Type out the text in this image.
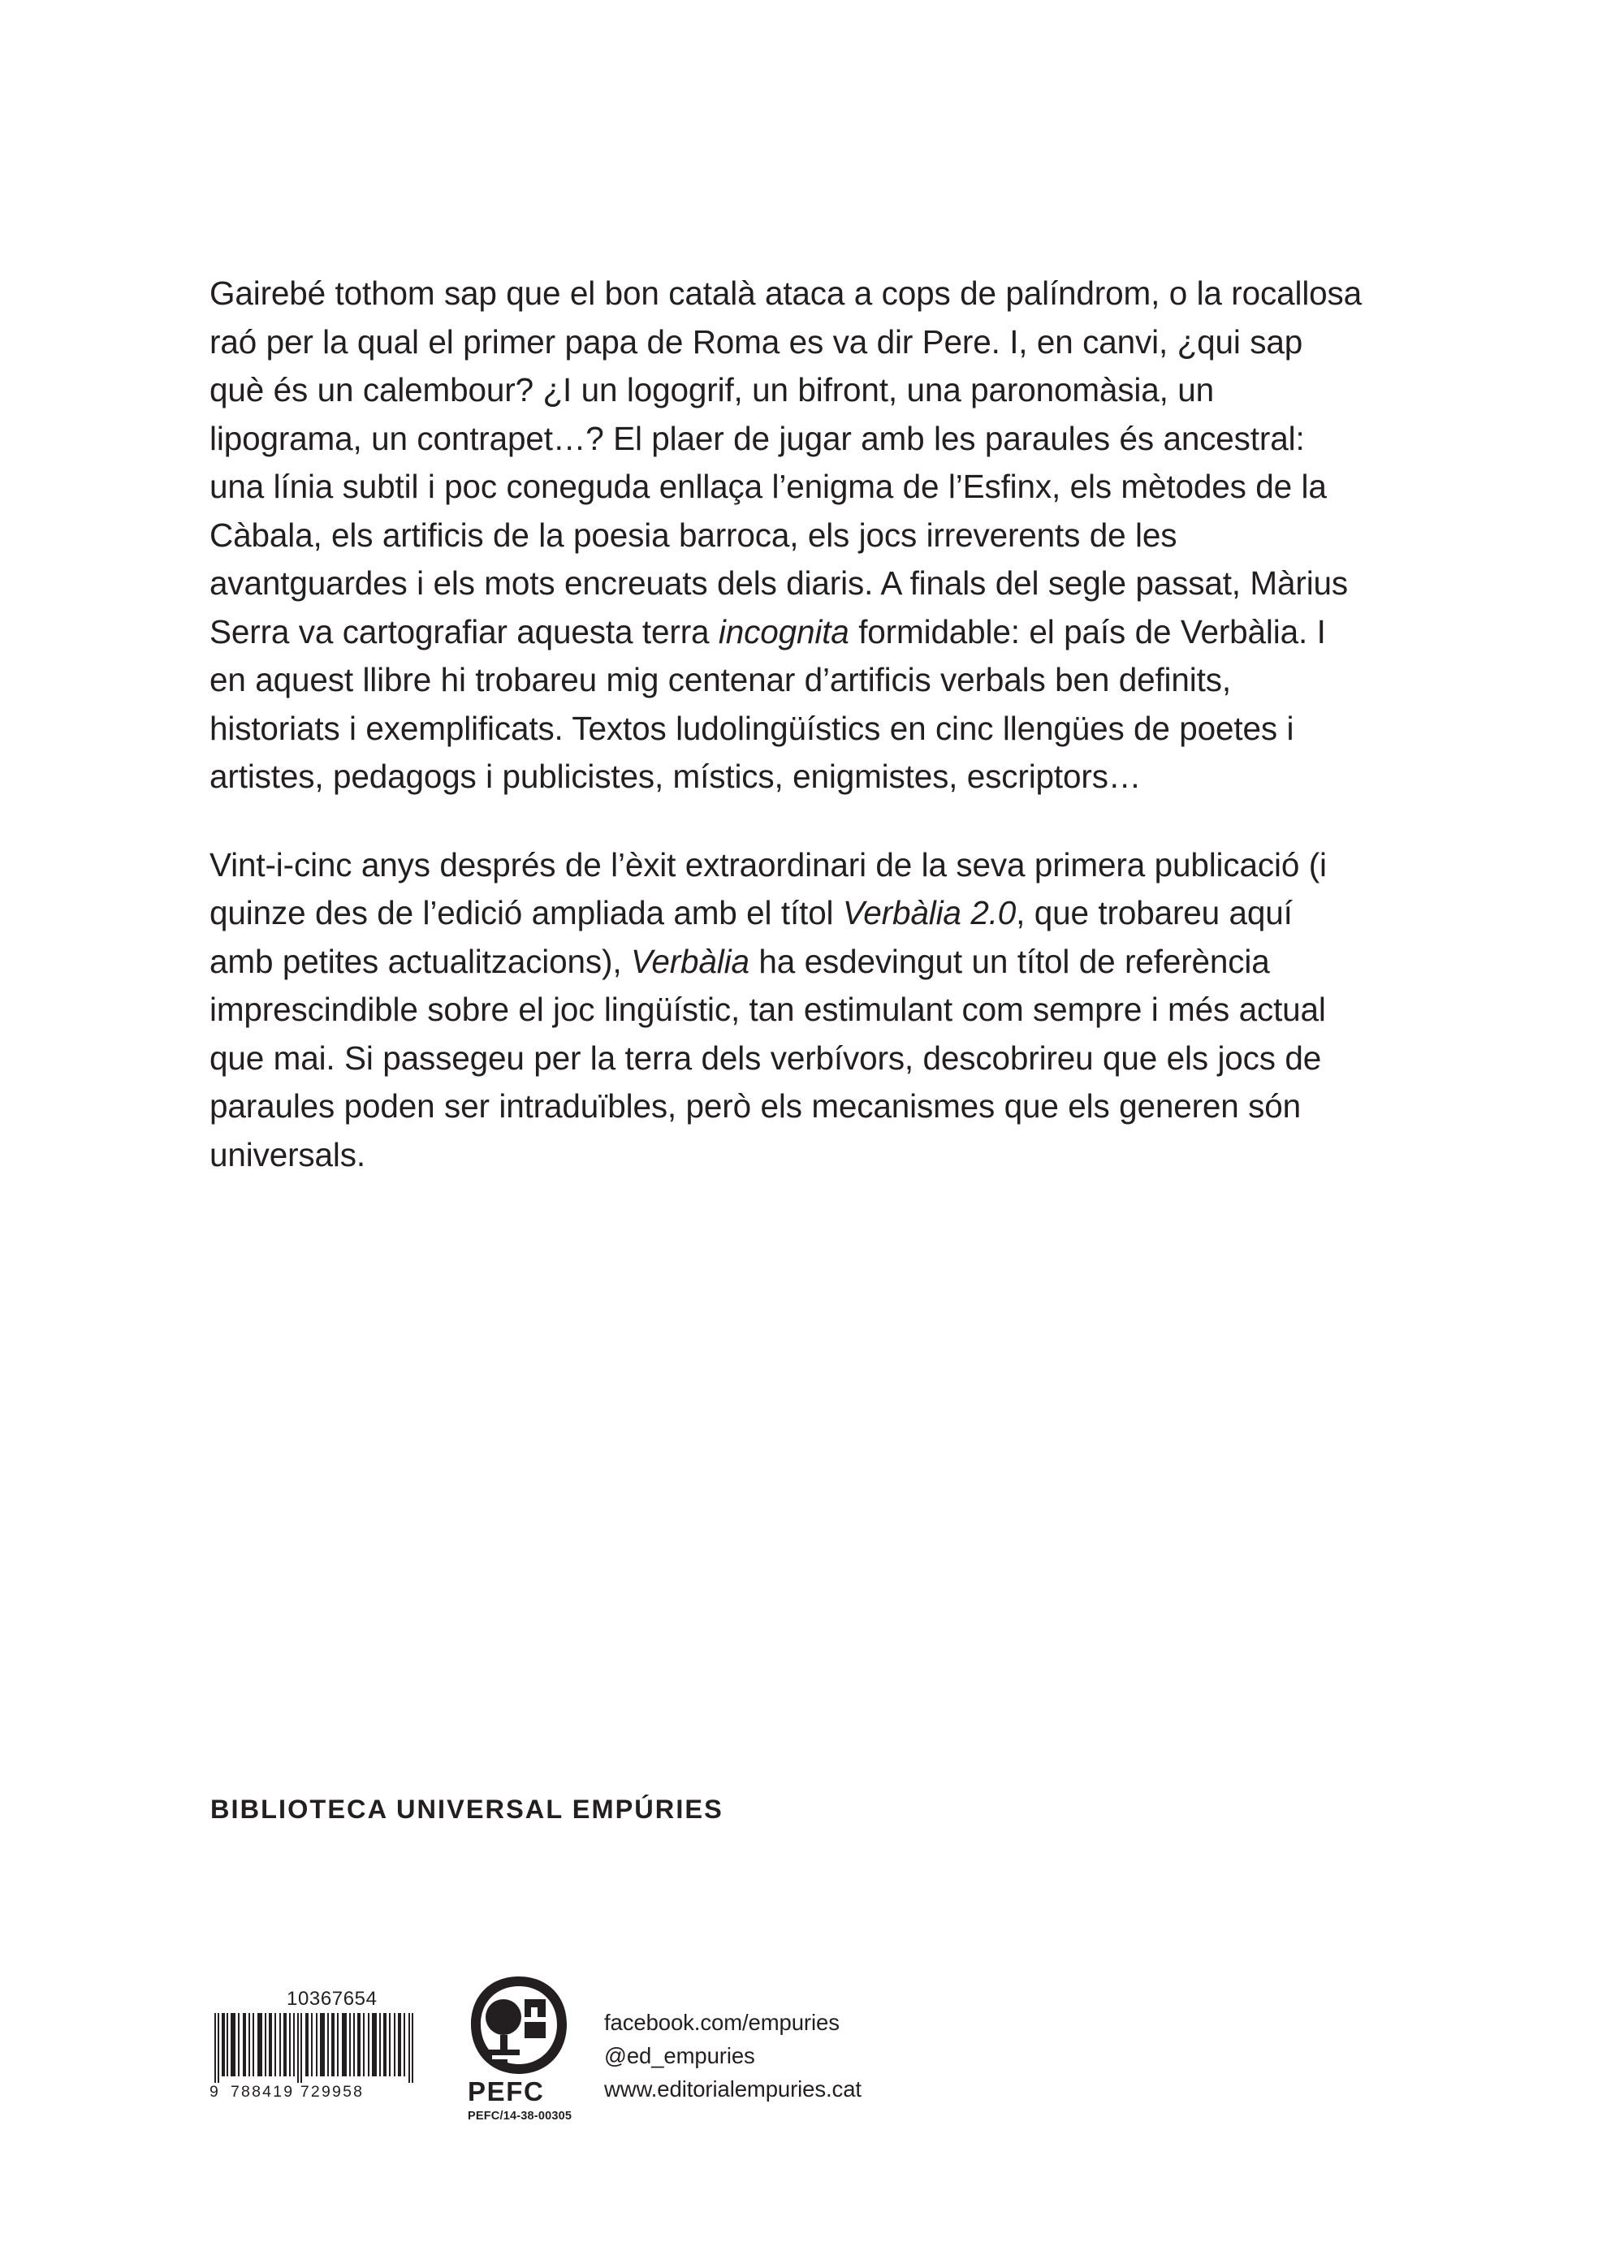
Gairebé tothom sap que el bon català ataca a cops de palíndrom, o la rocallosa raó per la qual el primer papa de Roma es va dir Pere. I, en canvi, ¿qui sap què és un calembour? ¿I un logogrif, un bifront, una paronomàsia, un lipograma, un contrapet…? El plaer de jugar amb les paraules és ancestral: una línia subtil i poc coneguda enllaça l’enigma de l’Esfinx, els mètodes de la Càbala, els artificis de la poesia barroca, els jocs irreverents de les avantguardes i els mots encreuats dels diaris. A finals del segle passat, Màrius Serra va cartografiar aquesta terra incognita formidable: el país de Verbàlia. I en aquest llibre hi trobareu mig centenar d’artificis verbals ben definits, historiats i exemplificats. Textos ludolingüístics en cinc llengües de poetes i artistes, pedagogs i publicistes, místics, enigmistes, escriptors…

Vint-i-cinc anys després de l’èxit extraordinari de la seva primera publicació (i quinze des de l’edició ampliada amb el títol Verbàlia 2.0, que trobareu aquí amb petites actualitzacions), Verbàlia ha esdevingut un títol de referència imprescindible sobre el joc lingüístic, tan estimulant com sempre i més actual que mai. Si passegeu per la terra dels verbívors, descobrireu que els jocs de paraules poden ser intraduïbles, però els mecanismes que els generen són universals.

BIBLIOTECA UNIVERSAL EMPÚRIES
10367654
9 788419 729958	PEFC
PEFC/14-38-00305
facebook.com/empuries
@ed_empuries
www.editorialempuries.cat
